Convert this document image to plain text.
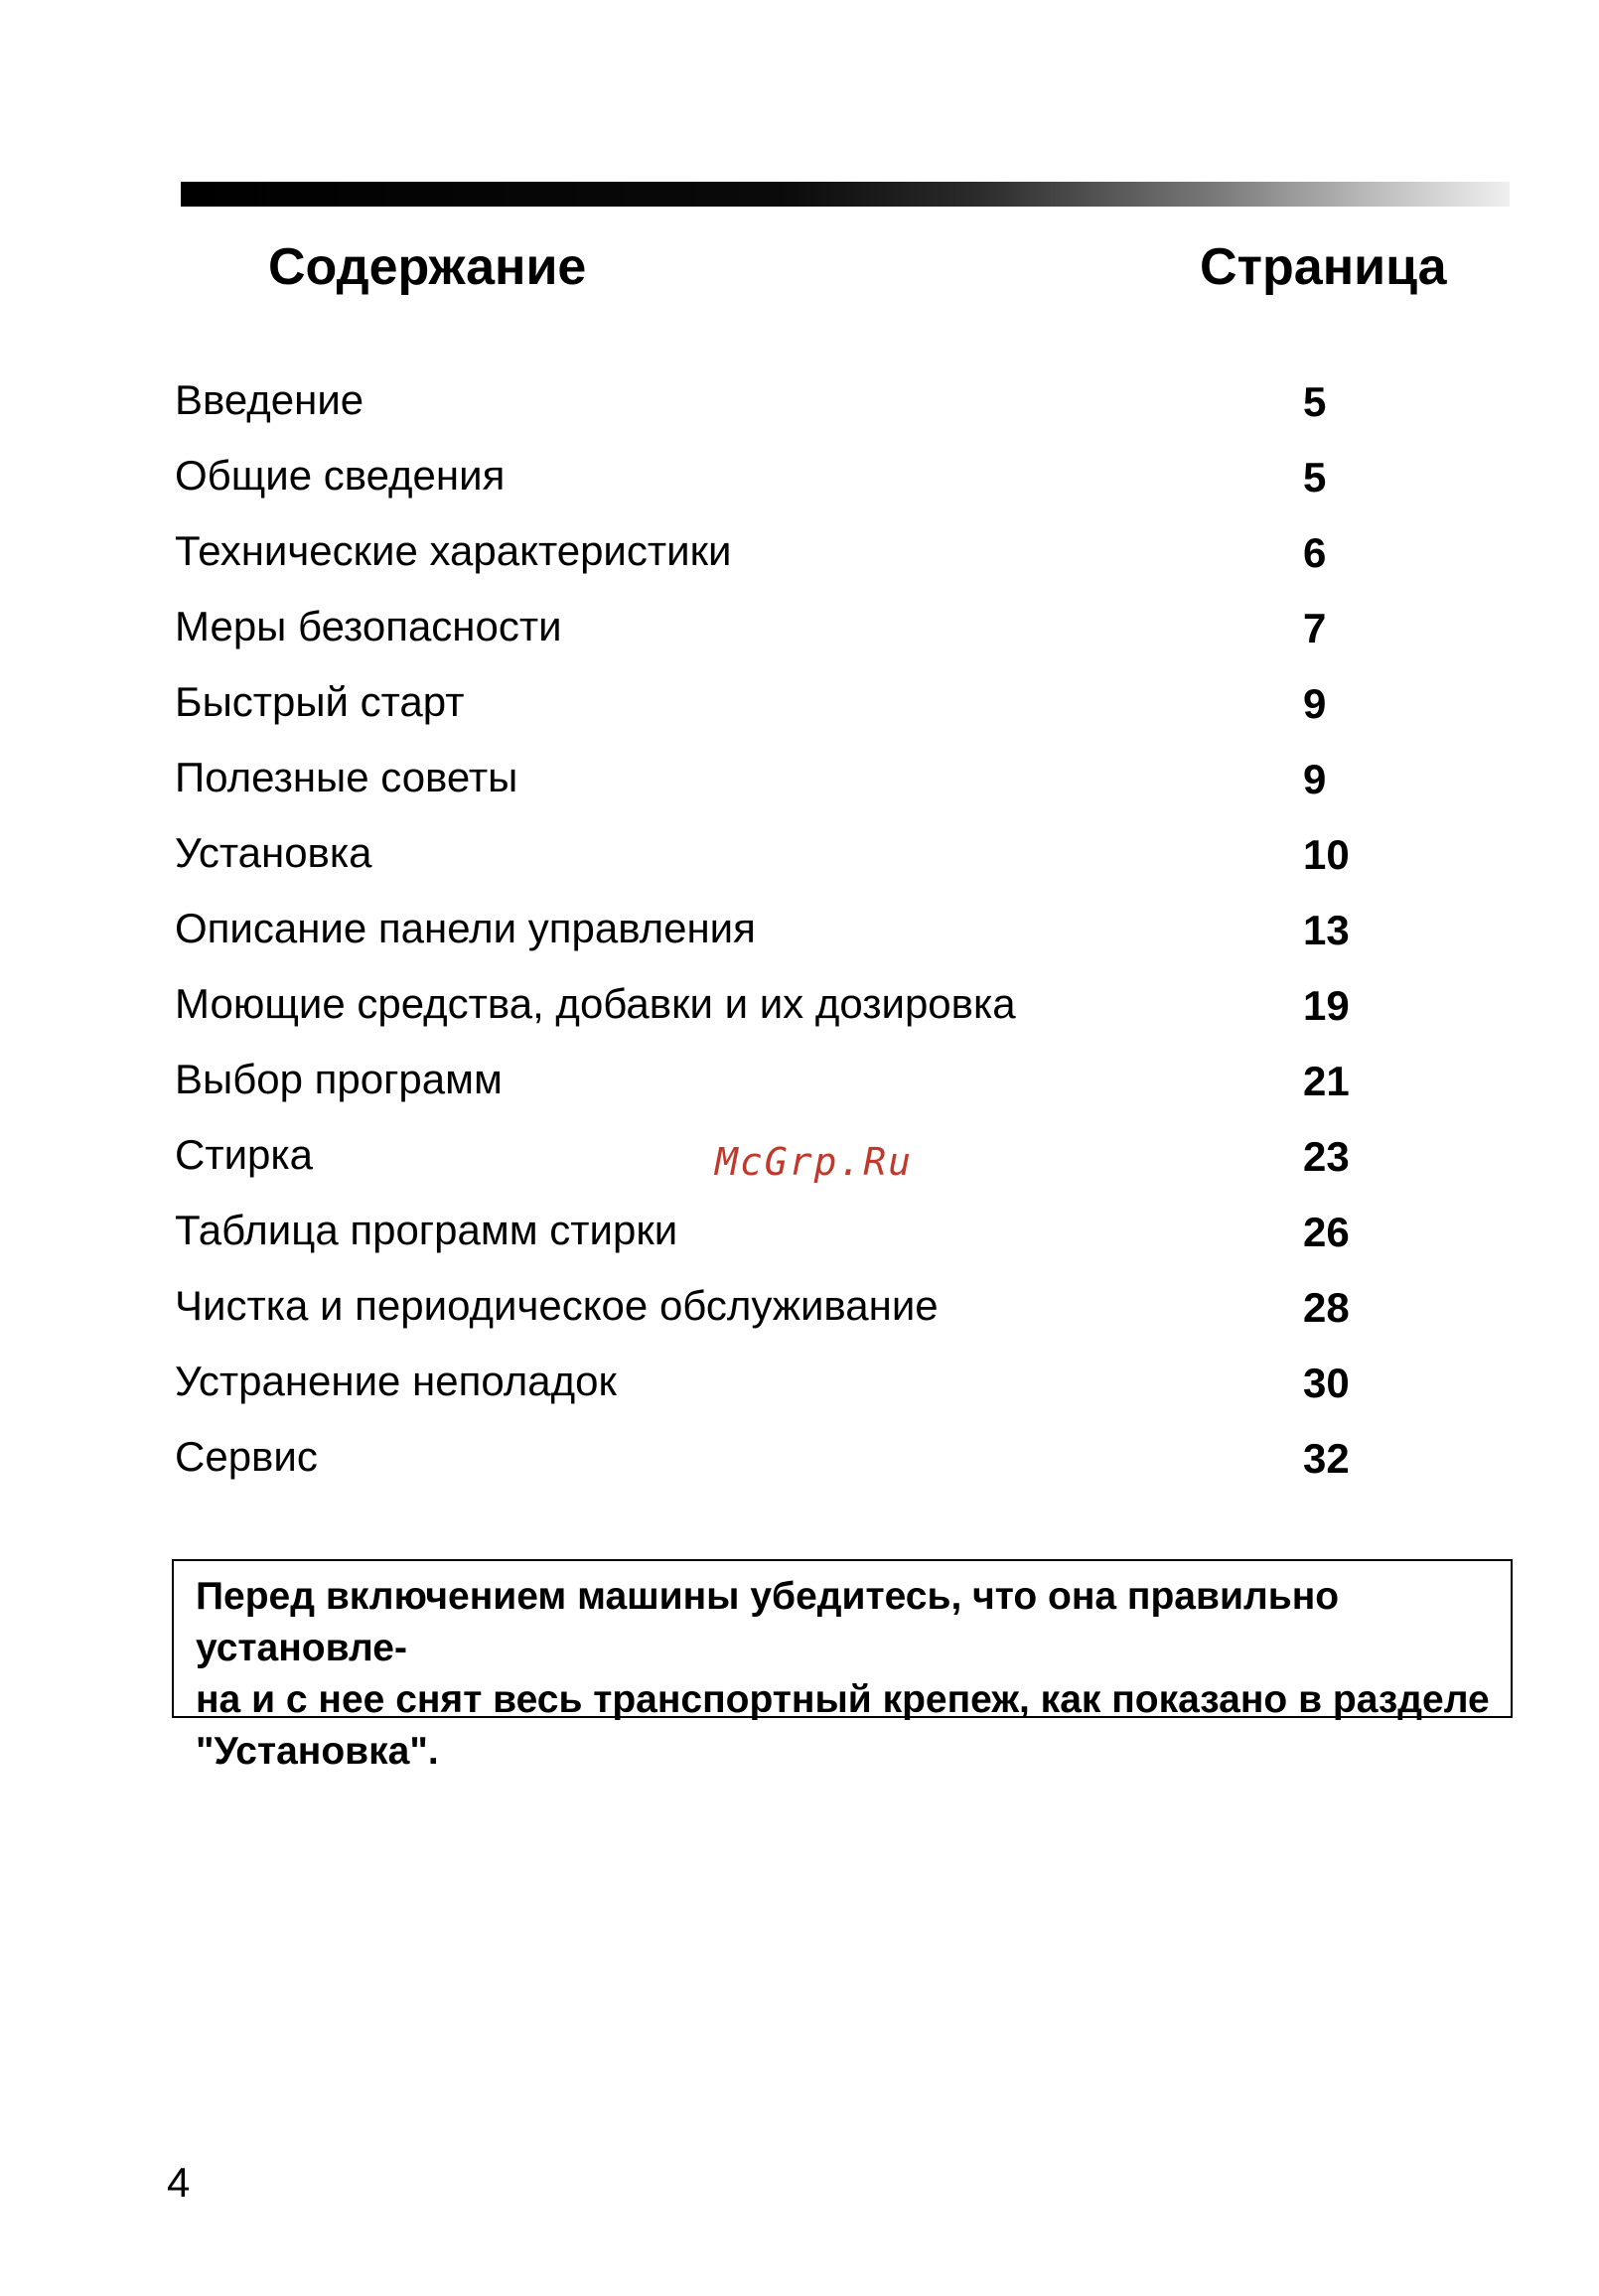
Содержание	Страница
Введение	5
Общие сведения	5
Технические характеристики	6
Меры безопасности	7
Быстрый старт	9
Полезные советы	9
Установка	10
Описание панели управления	13
Моющие средства, добавки и их дозировка	19
Выбор программ	21
Стирка	23
Таблица программ стирки	26
Чистка и периодическое обслуживание	28
Устранение неполадок	30
Сервис	32
McGrp.Ru

Перед включением машины убедитесь, что она правильно установле-
на и с нее снят весь транспортный крепеж, как показано в разделе
"Установка".

4
